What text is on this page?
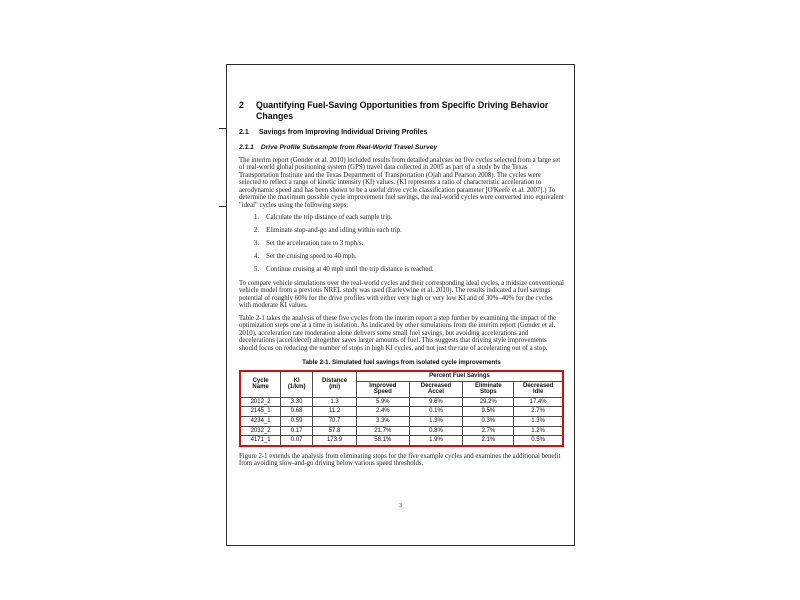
2	Quantifying Fuel-Saving Opportunities from Specific Driving Behavior Changes
2.1	Savings from Improving Individual Driving Profiles
2.1.1 Drive Profile Subsample from Real-World Travel Survey

The interim report (Gonder et al. 2010) included results from detailed analyses on five cycles selected from a large set of real-world global positioning system (GPS) travel data collected in 2005 as part of a study by the Texas Transportation Institute and the Texas Department of Transportation (Ojah and Pearson 2008). The cycles were selected to reflect a range of kinetic intensity (KI) values. (KI represents a ratio of characteristic acceleration to aerodynamic speed and has been shown to be a useful drive cycle classification parameter [O'Keefe et al. 2007].) To determine the maximum possible cycle improvement fuel savings, the real-world cycles were converted into equivalent "ideal" cycles using the following steps:

1. Calculate the trip distance of each sample trip.
2. Eliminate stop-and-go and idling within each trip.
3. Set the acceleration rate to 3 mph/s.
4. Set the cruising speed to 40 mph.
5. Continue cruising at 40 mph until the trip distance is reached.

To compare vehicle simulations over the real-world cycles and their corresponding ideal cycles, a midsize conventional vehicle model from a previous NREL study was used (Earleywine et al. 2010). The results indicated a fuel savings potential of roughly 60% for the drive profiles with either very high or very low KI and of 30%–40% for the cycles with moderate KI values.

Table 2-1 takes the analysis of these five cycles from the interim report a step further by examining the impact of the optimization steps one at a time in isolation. As indicated by other simulations from the interim report (Gonder et al. 2010), acceleration rate moderation alone delivers some small fuel savings, but avoiding accelerations and decelerations (accel/decel) altogether saves larger amounts of fuel. This suggests that driving style improvements should focus on reducing the number of stops in high KI cycles, and not just the rate of accelerating out of a stop.

Table 2-1. Simulated fuel savings from isolated cycle improvements
Cycle Name	KI (1/km)	Distance (mi)	Percent Fuel Savings			
			Improved Speed	Decreased Accel	Eliminate Stops	Decreased Idle
2012_2	3.30	1.3	5.9%	9.6%	29.2%	17.4%
2145_1	0.68	11.2	2.4%	0.1%	9.5%	2.7%
4234_1	0.59	70.7	3.3%	1.3%	0.3%	1.3%
2032_2	0.17	57.8	21.7%	0.8%	2.7%	1.2%
4171_1	0.07	173.9	58.1%	1.9%	2.1%	0.5%

Figure 2-1 extends the analysis from eliminating stops for the five example cycles and examines the additional benefit from avoiding slow-and-go driving below various speed thresholds.

3
